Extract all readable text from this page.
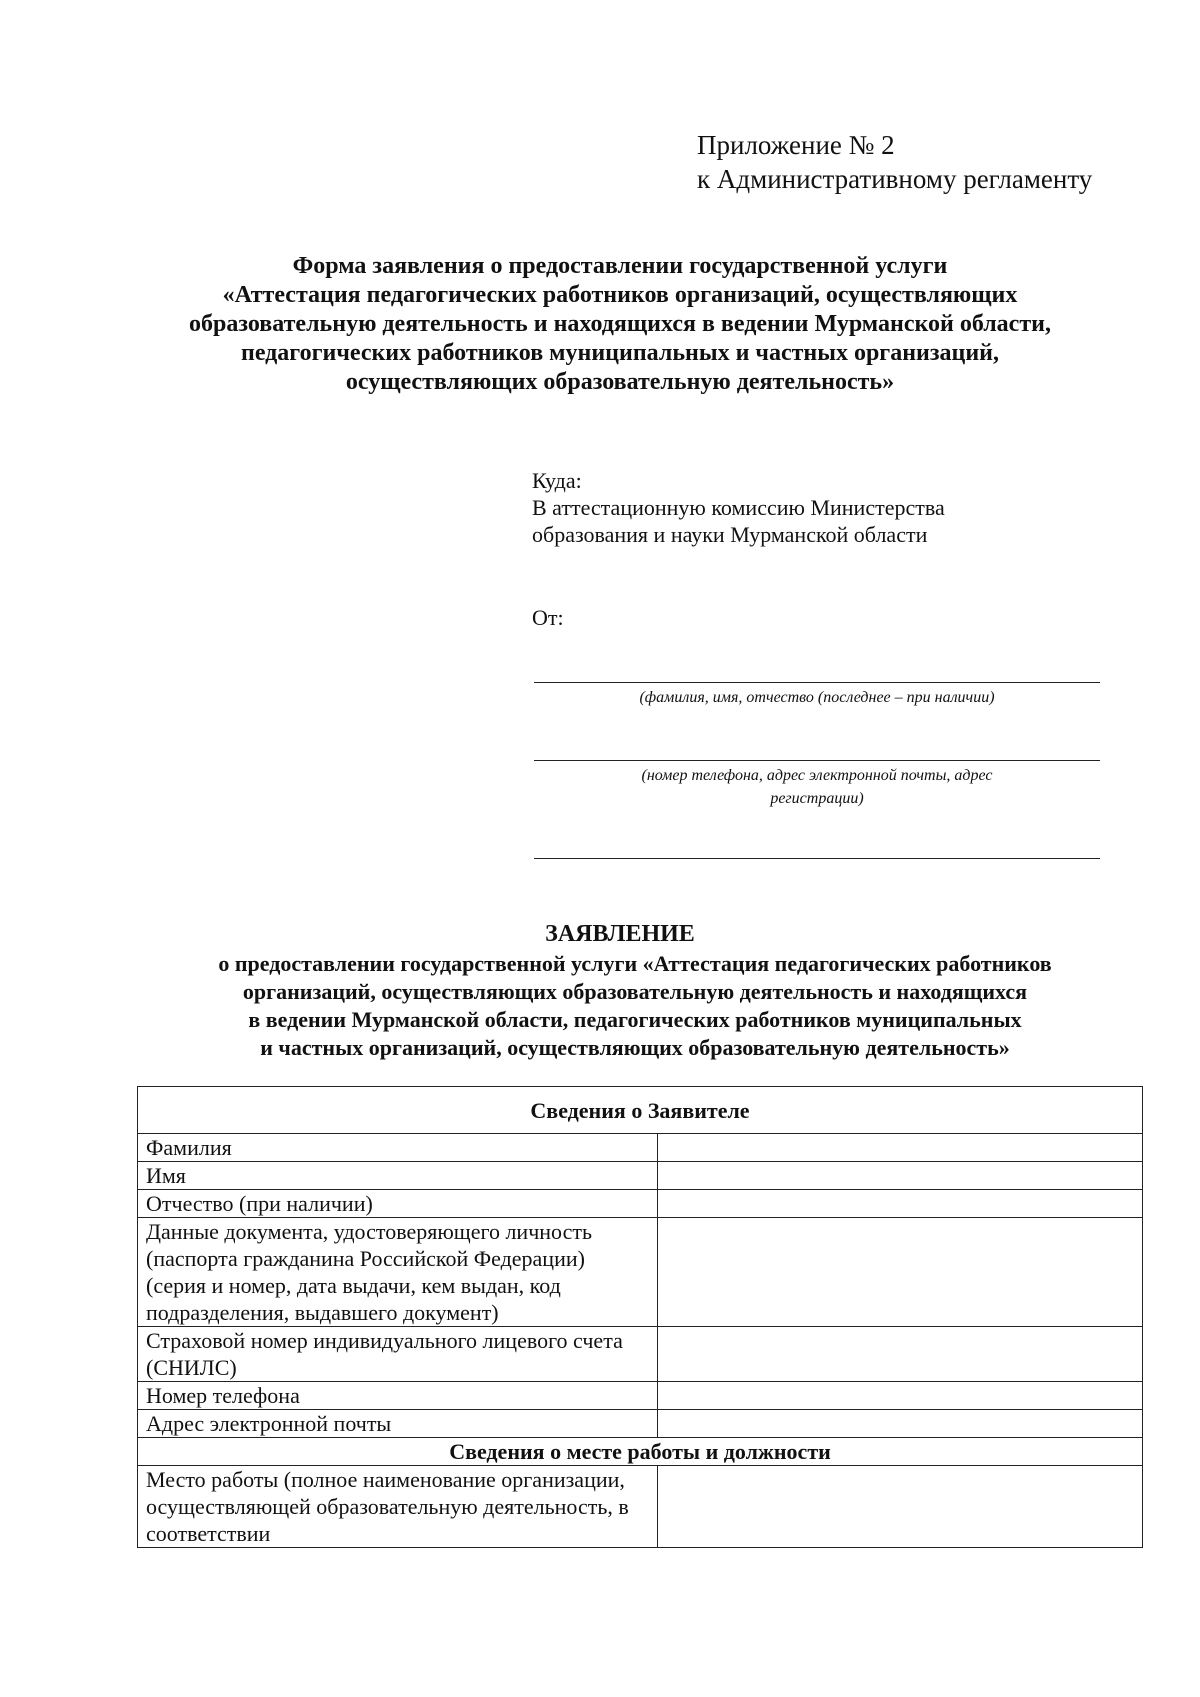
Приложение № 2
к Административному регламенту
Форма заявления о предоставлении государственной услуги
«Аттестация педагогических работников организаций, осуществляющих
образовательную деятельность и находящихся в ведении Мурманской области,
педагогических работников муниципальных и частных организаций,
осуществляющих образовательную деятельность»
Куда:
В аттестационную комиссию Министерства
образования и науки Мурманской области
От:
(фамилия, имя, отчество (последнее – при наличии)
(номер телефона, адрес электронной почты, адрес
регистрации)
ЗАЯВЛЕНИЕ
о предоставлении государственной услуги «Аттестация педагогических работников
организаций, осуществляющих образовательную деятельность и находящихся
в ведении Мурманской области, педагогических работников муниципальных
и частных организаций, осуществляющих образовательную деятельность»
Сведения о Заявителе	
Фамилия	
Имя	
Отчество (при наличии)	
Данные документа, удостоверяющего личность (паспорта гражданина Российской Федерации) (серия и номер, дата выдачи, кем выдан, код подразделения, выдавшего документ)	
Страховой номер индивидуального лицевого счета (СНИЛС)	
Номер телефона	
Адрес электронной почты	
Сведения о месте работы и должности	
Место работы (полное наименование организации, осуществляющей образовательную деятельность, в соответствии	
